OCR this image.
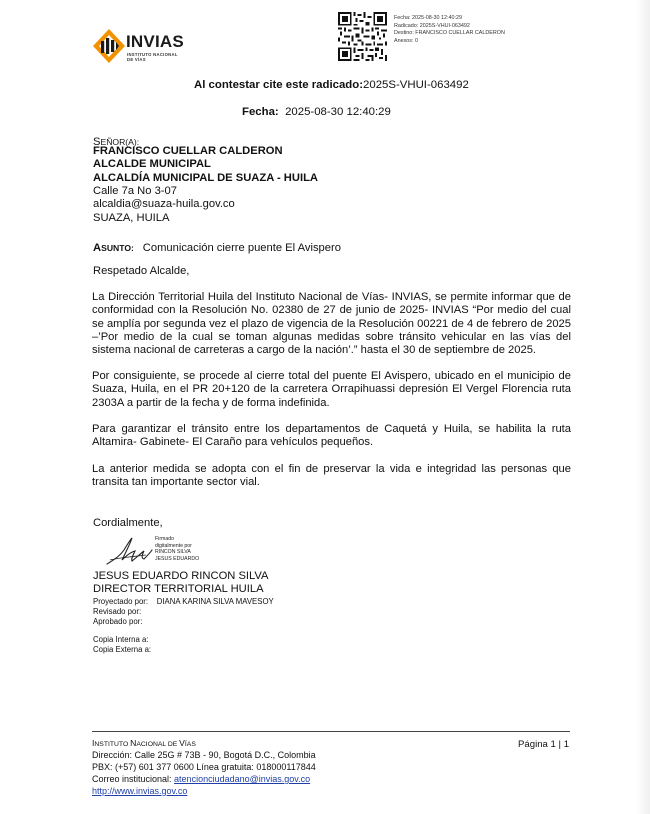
INVIAS
INSTITUTO NACIONAL DE VÍAS
Fecha: 2025-08-30 12:40:29
Radicado: 2025S-VHUI-063492
Destino: FRANCISCO CUELLAR CALDERON
Anexos: 0
Al contestar cite este radicado:2025S-VHUI-063492
Fecha: 2025-08-30 12:40:29
SEÑOR(A):
FRANCISCO CUELLAR CALDERON
ALCALDE MUNICIPAL
ALCALDÍA MUNICIPAL DE SUAZA - HUILA
Calle 7a No 3-07
alcaldia@suaza-huila.gov.co
SUAZA, HUILA
ASUNTO: Comunicación cierre puente El Avispero
Respetado Alcalde,
La Dirección Territorial Huila del Instituto Nacional de Vías- INVIAS, se permite informar que de conformidad con la Resolución No. 02380 de 27 de junio de 2025- INVIAS “Por medio del cual se amplía por segunda vez el plazo de vigencia de la Resolución 00221 de 4 de febrero de 2025 –’Por medio de la cual se toman algunas medidas sobre tránsito vehicular en las vías del sistema nacional de carreteras a cargo de la nación’.” hasta el 30 de septiembre de 2025.
Por consiguiente, se procede al cierre total del puente El Avispero, ubicado en el municipio de Suaza, Huila, en el PR 20+120 de la carretera Orrapihuassi depresión El Vergel Florencia ruta 2303A a partir de la fecha y de forma indefinida.
Para garantizar el tránsito entre los departamentos de Caquetá y Huila, se habilita la ruta Altamira- Gabinete- El Caraño para vehículos pequeños.
La anterior medida se adopta con el fin de preservar la vida e integridad las personas que transita tan importante sector vial.
Cordialmente,
Firmado
digitalmente por
RINCON SILVA
JESUS EDUARDO
JESUS EDUARDO RINCON SILVA
DIRECTOR TERRITORIAL HUILA
Proyectado por: DIANA KARINA SILVA MAVESOY
Revisado por:
Aprobado por:
Copia Interna a:
Copia Externa a:
INSTITUTO NACIONAL DE VÍAS	Página 1 | 1
Dirección: Calle 25G # 73B - 90, Bogotá D.C., Colombia
PBX: (+57) 601 377 0600 Línea gratuita: 018000117844
Correo institucional: atencionciudadano@invias.gov.co
http://www.invias.gov.co
